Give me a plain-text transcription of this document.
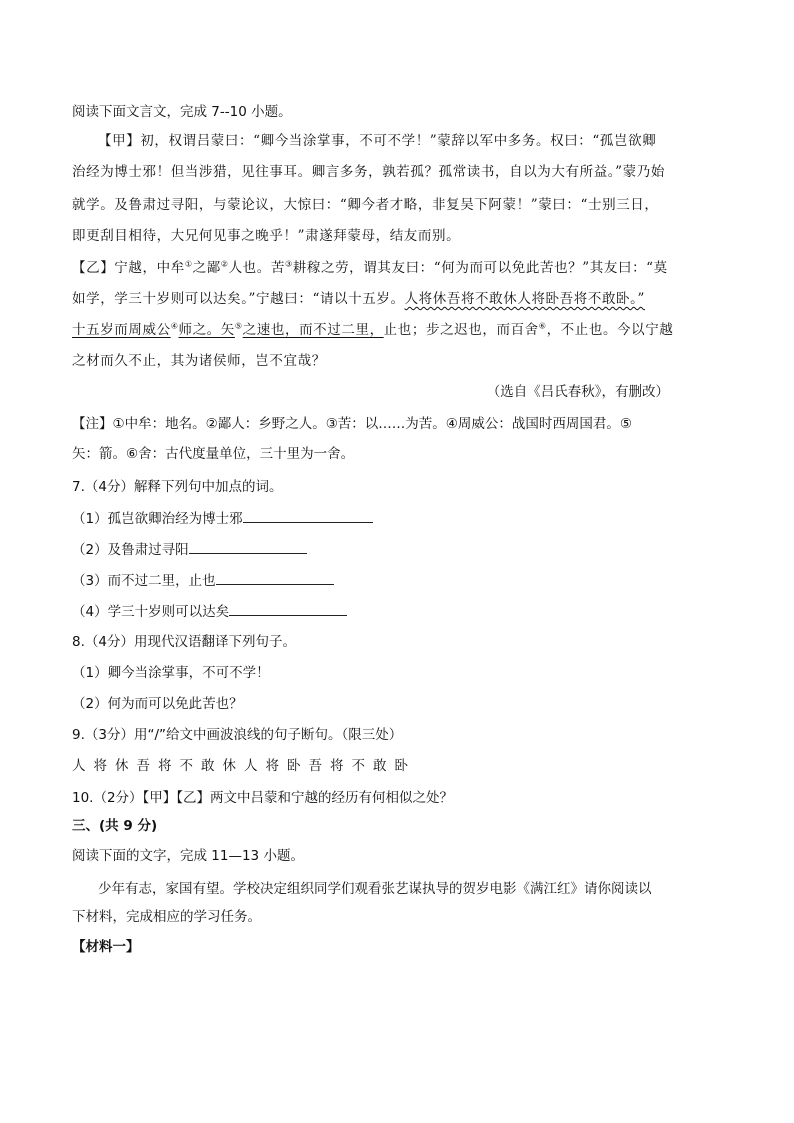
阅读下面文言文，完成 7--10 小题。
【甲】初，权谓吕蒙曰：“卿今当涂掌事，不可不学！”蒙辞以军中多务。权曰：“孤岂欲卿
治经为博士邪！但当涉猎，见往事耳。卿言多务，孰若孤？孤常读书，自以为大有所益。”蒙乃始
就学。及鲁肃过寻阳，与蒙论议，大惊曰：“卿今者才略，非复吴下阿蒙！”蒙曰：“士别三日，
即更刮目相待，大兄何见事之晚乎！”肃遂拜蒙母，结友而别。
【乙】宁越，中牟①之鄙②人也。苦③耕稼之劳，谓其友曰：“何为而可以免此苦也？”其友曰：“莫
如学，学三十岁则可以达矣。”宁越曰：“请以十五岁。人将休吾将不敢休人将卧吾将不敢卧。”
十五岁而周威公④师之。矢⑤之速也，而不过二里，止也；步之迟也，而百舍⑥，不止也。今以宁越
之材而久不止，其为诸侯师，岂不宜哉？
（选自《吕氏春秋》，有删改）
【注】①中牟：地名。②鄙人：乡野之人。③苦：以……为苦。④周威公：战国时西周国君。⑤
矢：箭。⑥舍：古代度量单位，三十里为一舍。
7.（4分）解释下列句中加点的词。
（1）孤岂欲卿治经为博士邪
（2）及鲁肃过寻阳
（3）而不过二里，止也
（4）学三十岁则可以达矣
8.（4分）用现代汉语翻译下列句子。
（1）卿今当涂掌事，不可不学！
（2）何为而可以免此苦也？
9.（3分）用“/”给文中画波浪线的句子断句。（限三处）
人将休吾将不敢休人将卧吾将不敢卧
10.（2分）【甲】【乙】两文中吕蒙和宁越的经历有何相似之处？
三、(共 9 分)
阅读下面的文字，完成 11—13 小题。
少年有志，家国有望。学校决定组织同学们观看张艺谋执导的贺岁电影《满江红》请你阅读以
下材料，完成相应的学习任务。
【材料一】
